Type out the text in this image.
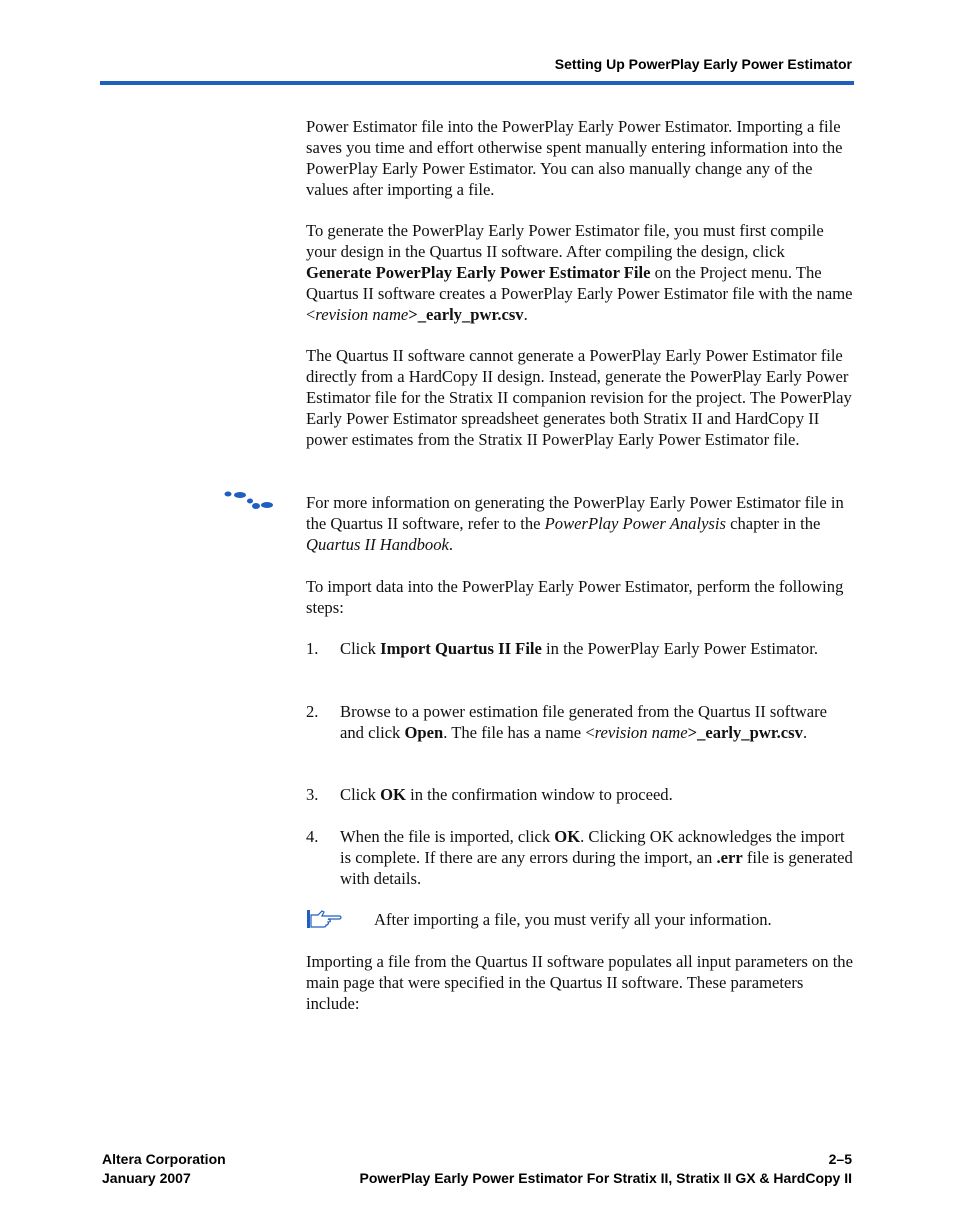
Setting Up PowerPlay Early Power Estimator

Power Estimator file into the PowerPlay Early Power Estimator. Importing a file saves you time and effort otherwise spent manually entering information into the PowerPlay Early Power Estimator. You can also manually change any of the values after importing a file.

To generate the PowerPlay Early Power Estimator file, you must first compile your design in the Quartus II software. After compiling the design, click Generate PowerPlay Early Power Estimator File on the Project menu. The Quartus II software creates a PowerPlay Early Power Estimator file with the name <revision name>_early_pwr.csv.

The Quartus II software cannot generate a PowerPlay Early Power Estimator file directly from a HardCopy II design. Instead, generate the PowerPlay Early Power Estimator file for the Stratix II companion revision for the project. The PowerPlay Early Power Estimator spreadsheet generates both Stratix II and HardCopy II power estimates from the Stratix II PowerPlay Early Power Estimator file.

For more information on generating the PowerPlay Early Power Estimator file in the Quartus II software, refer to the PowerPlay Power Analysis chapter in the Quartus II Handbook.

To import data into the PowerPlay Early Power Estimator, perform the following steps:

1.	Click Import Quartus II File in the PowerPlay Early Power Estimator.
2.	Browse to a power estimation file generated from the Quartus II software and click Open. The file has a name <revision name>_early_pwr.csv.
3.	Click OK in the confirmation window to proceed.
4.	When the file is imported, click OK. Clicking OK acknowledges the import is complete. If there are any errors during the import, an .err file is generated with details.
After importing a file, you must verify all your information.

Importing a file from the Quartus II software populates all input parameters on the main page that were specified in the Quartus II software. These parameters include:

Altera Corporation
January 2007
2–5
PowerPlay Early Power Estimator For Stratix II, Stratix II GX & HardCopy II
